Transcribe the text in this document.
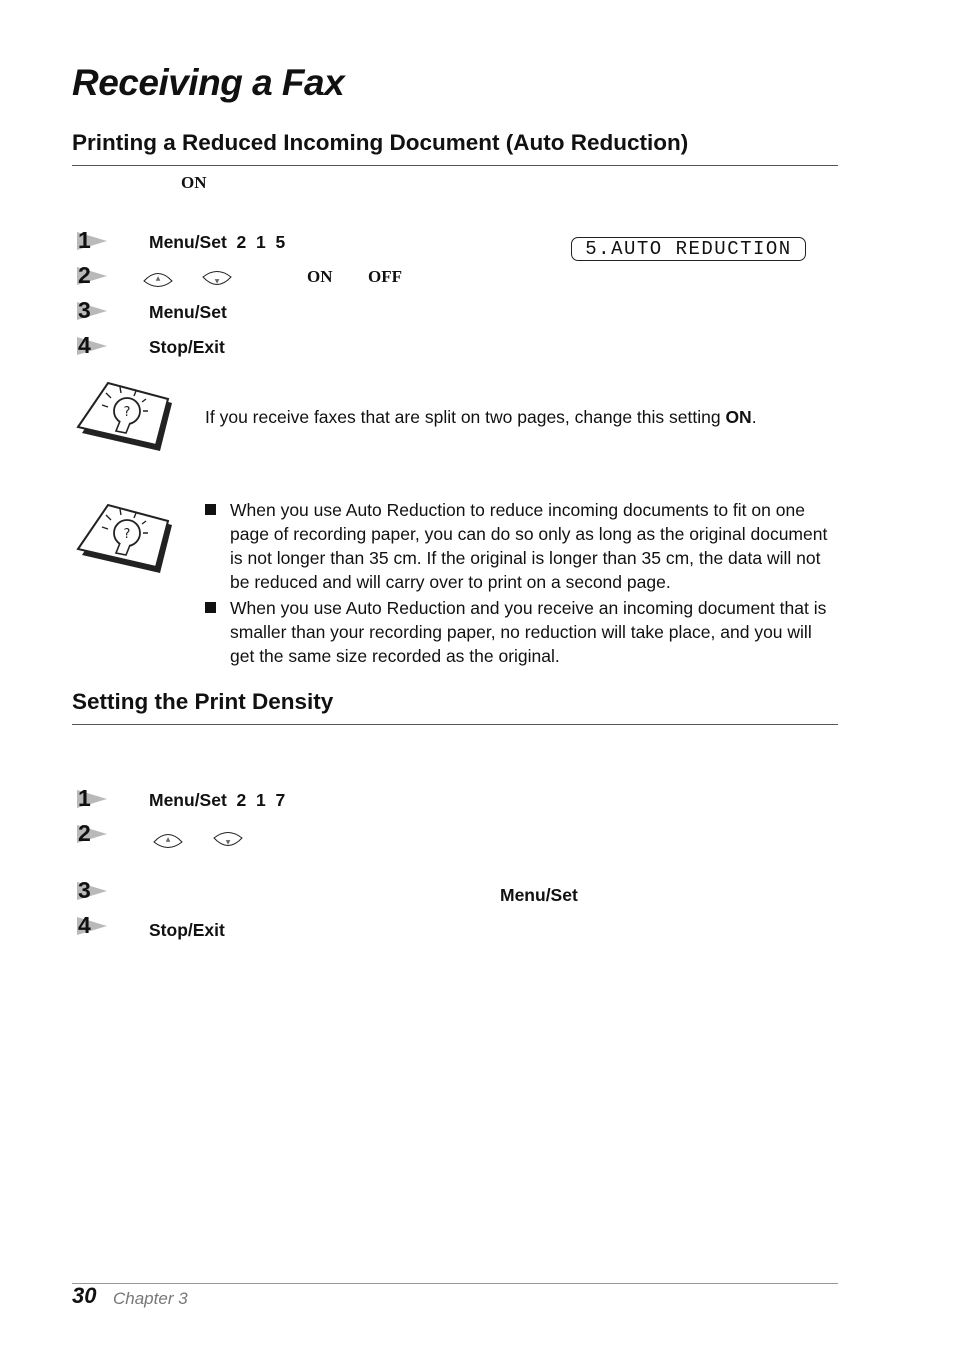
Receiving a Fax
Printing a Reduced Incoming Document (Auto Reduction)
ON
1	Menu/Set 2 1 5	5.AUTO REDUCTION
2	▲	▼	ON OFF
3	Menu/Set
4	Stop/Exit
?	If you receive faxes that are split on two pages, change this setting ON.
?
When you use Auto Reduction to reduce incoming documents to fit on one page of recording paper, you can do so only as long as the original document is not longer than 35 cm. If the original is longer than 35 cm, the data will not be reduced and will carry over to print on a second page.
When you use Auto Reduction and you receive an incoming document that is smaller than your recording paper, no reduction will take place, and you will get the same size recorded as the original.
Setting the Print Density
1	Menu/Set 2 1 7
2	▲	▼
3	Menu/Set
4	Stop/Exit
30 Chapter 3
